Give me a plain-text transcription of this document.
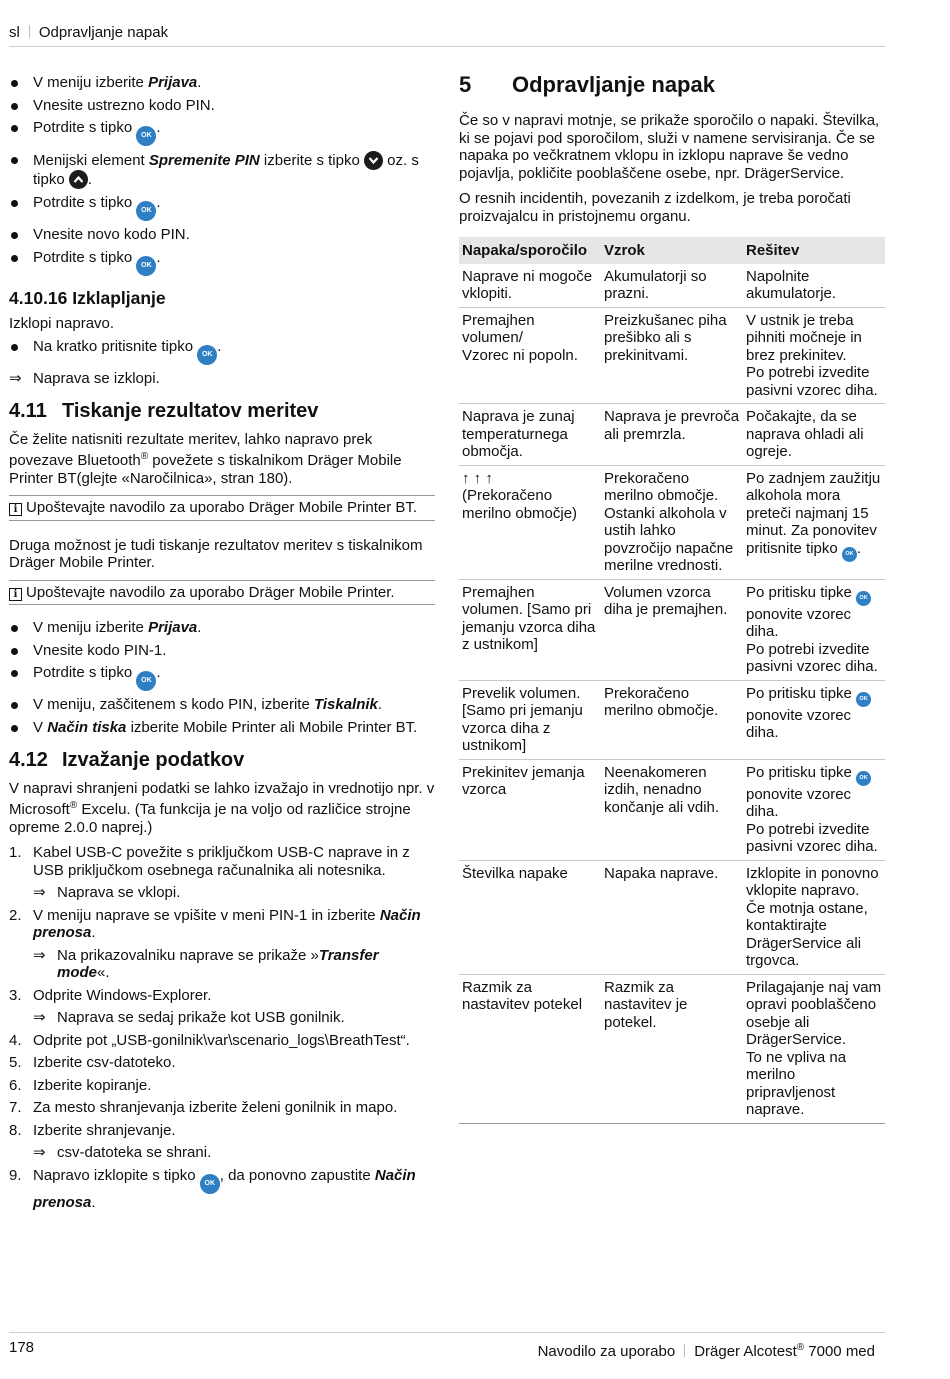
sl Odpravljanje napak
V meniju izberite Prijava.
Vnesite ustrezno kodo PIN.
Potrdite s tipko OK .
Menijski element Spremenite PIN izberite s tipko
oz. s tipko
.
Potrdite s tipko OK .
Vnesite novo kodo PIN.
Potrdite s tipko OK .
4.10.16 Izklapljanje

Izklopi napravo.

Na kratko pritisnite tipko OK .
⇒ Naprava se izklopi.
4.11 Tiskanje rezultatov meritev

Če želite natisniti rezultate meritev, lahko napravo prek povezave Bluetooth® povežete s tiskalnikom Dräger Mobile Printer BT(glejte «Naročilnica», stran 180).

i Upoštevajte navodilo za uporabo Dräger Mobile Printer BT.

Druga možnost je tudi tiskanje rezultatov meritev s tiskalnikom Dräger Mobile Printer.

i Upoštevajte navodilo za uporabo Dräger Mobile Printer.
V meniju izberite Prijava.
Vnesite kodo PIN-1.
Potrdite s tipko OK .
V meniju, zaščitenem s kodo PIN, izberite Tiskalnik.
V Način tiska izberite Mobile Printer ali Mobile Printer BT.
4.12 Izvažanje podatkov

V napravi shranjeni podatki se lahko izvažajo in vrednotijo npr. v Microsoft® Excelu. (Ta funkcija je na voljo od različice strojne opreme 2.0.0 naprej.)

1. Kabel USB-C povežite s priključkom USB-C naprave in z USB priključkom osebnega računalnika ali notesnika.
⇒ Naprava se vklopi.
2. V meniju naprave se vpišite v meni PIN-1 in izberite Način prenosa.
⇒ Na prikazovalniku naprave se prikaže »Transfer mode«.
3. Odprite Windows-Explorer.
⇒ Naprava se sedaj prikaže kot USB gonilnik.
4. Odprite pot „USB-gonilnik\var\scenario_logs\BreathTest“.
5. Izberite csv-datoteko.
6. Izberite kopiranje.
7. Za mesto shranjevanja izberite želeni gonilnik in mapo.
8. Izberite shranjevanje.
⇒ csv-datoteka se shrani.
9. Napravo izklopite s tipko OK , da ponovno zapustite Način prenosa.
5 Odpravljanje napak

Če so v napravi motnje, se prikaže sporočilo o napaki. Številka, ki se pojavi pod sporočilom, služi v namene servisiranja. Če se napaka po večkratnem vklopu in izklopu naprave še vedno pojavlja, pokličite pooblaščene osebe, npr. DrägerService.

O resnih incidentih, povezanih z izdelkom, je treba poročati proizvajalcu in pristojnemu organu.

Napaka/sporočilo	Vzrok	Rešitev
Naprave ni mogoče vklopiti.	Akumulatorji so prazni.	Napolnite akumulatorje.
Premajhen volumen/
Vzorec ni popoln.	Preizkušanec piha prešibko ali s prekinitvami.	V ustnik je treba pihniti močneje in brez prekinitev.
Po potrebi izvedite pasivni vzorec diha.
Naprava je zunaj temperaturnega območja.	Naprava je prevroča ali premrzla.	Počakajte, da se naprava ohladi ali ogreje.
↑ ↑ ↑
(Prekoračeno merilno območje)	Prekoračeno merilno območje. Ostanki alkohola v ustih lahko povzročijo napačne merilne vrednosti.	Po zadnjem zaužitju alkohola mora preteči najmanj 15 minut. Za ponovitev pritisnite tipko OK .
Premajhen volumen. [Samo pri jemanju vzorca diha z ustnikom]	Volumen vzorca diha je premajhen.	Po pritisku tipke OK
ponovite vzorec diha.
Po potrebi izvedite pasivni vzorec diha.
Prevelik volumen. [Samo pri jemanju vzorca diha z ustnikom]	Prekoračeno merilno območje.	Po pritisku tipke OK
ponovite vzorec diha.
Prekinitev jemanja vzorca	Neenakomeren izdih, nenadno končanje ali vdih.	Po pritisku tipke OK
ponovite vzorec diha.
Po potrebi izvedite pasivni vzorec diha.
Številka napake	Napaka naprave.	Izklopite in ponovno vklopite napravo. Če motnja ostane, kontaktirajte DrägerService ali trgovca.
Razmik za nastavitev potekel	Razmik za nastavitev je potekel.	Prilagajanje naj vam opravi pooblaščeno osebje ali DrägerService.
To ne vpliva na merilno pripravljenost naprave.
178	Navodilo za uporabo Dräger Alcotest® 7000 med
